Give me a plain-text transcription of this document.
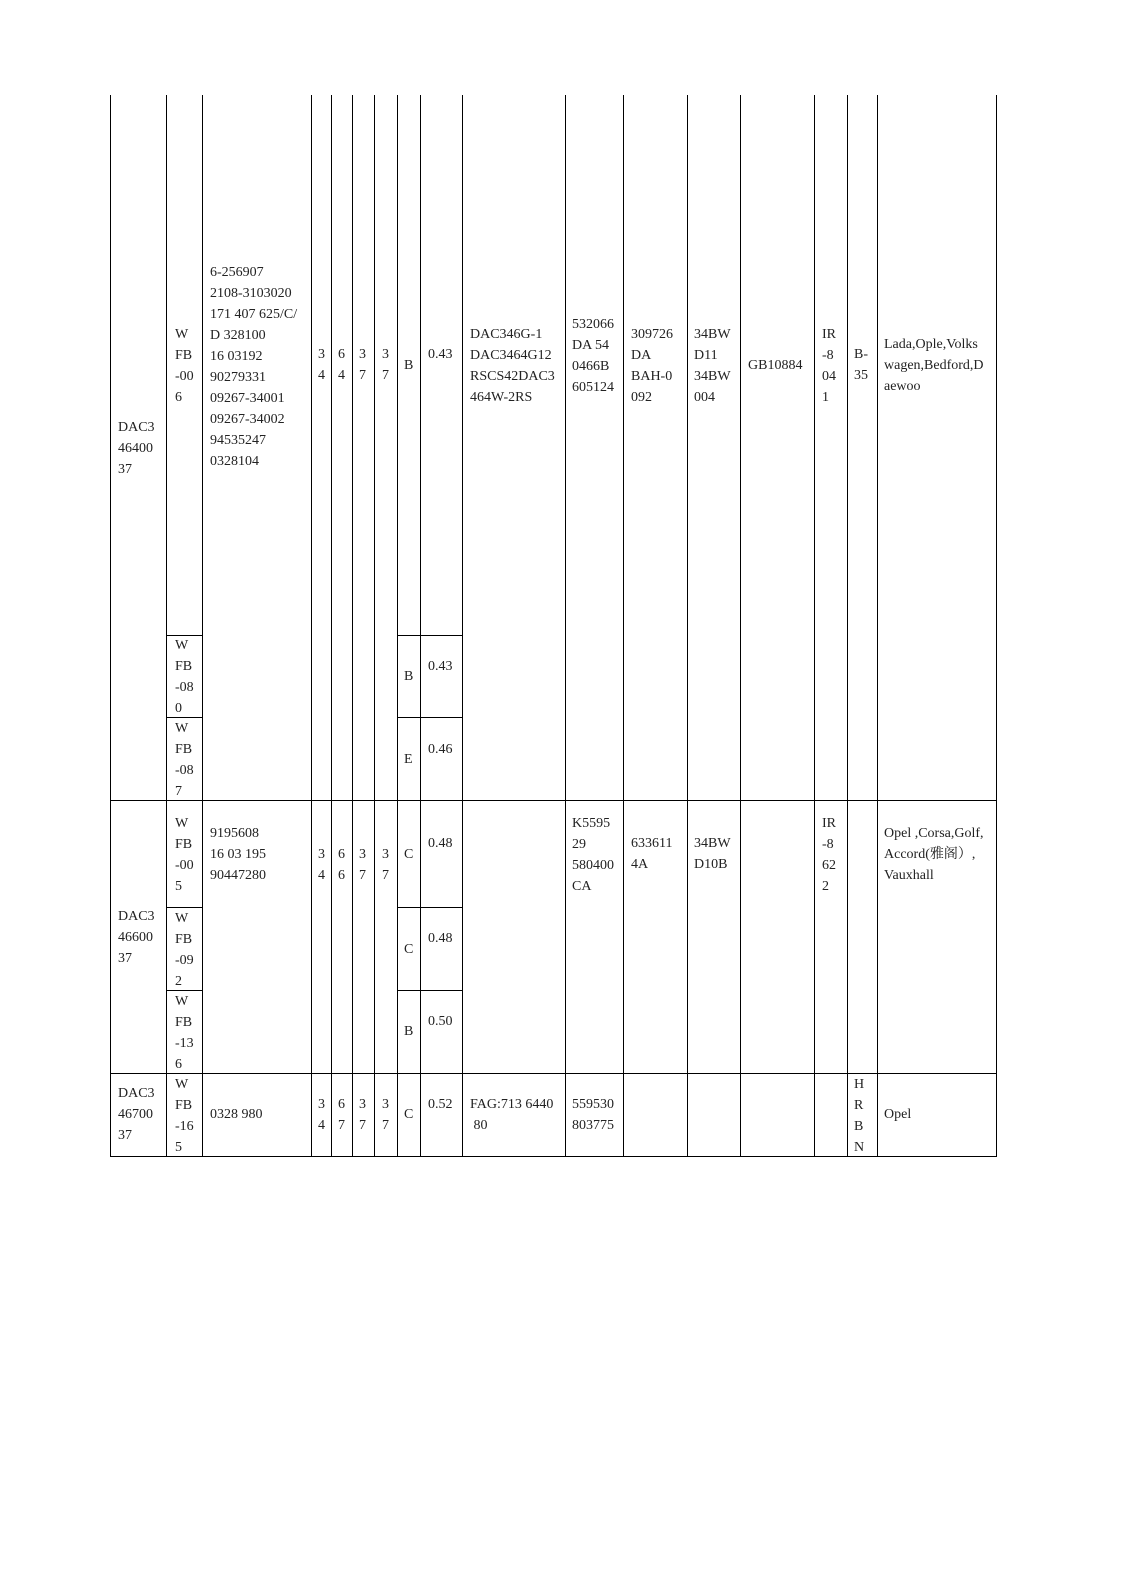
DAC3
46400
37
W
FB
-00
6
6-256907
2108-3103020
171 407 625/C/
D 328100
16 03192
90279331
09267-34001
09267-34002
94535247
0328104
3
4
6
4
3
7
3
7
B
0.43
DAC346G-1
DAC3464G12
RSCS42DAC3
464W-2RS
532066
DA 54
0466B
605124
309726
DA
BAH-0
092
34BW
D11
34BW
004
GB10884
IR
-8
04
1
B-
35
Lada,Ople,Volks
wagen,Bedford,D
aewoo
W
FB
-08
0
B
0.43
W
FB
-08
7
E
0.46
DAC3
46600
37
W
FB
-00
5
9195608
16 03 195
90447280
3
4
6
6
3
7
3
7
C
0.48
K5595
29
580400
CA
633611
4A
34BW
D10B
IR
-8
62
2
Opel ,Corsa,Golf,
Accord(雅阁）,
Vauxhall
W
FB
-09
2
C
0.48
W
FB
-13
6
B
0.50
DAC3
46700
37
W
FB
-16
5
0328 980
3
4
6
7
3
7
3
7
C
0.52 FAG:713 6440
80
559530
803775
H
R
B
N
Opel
